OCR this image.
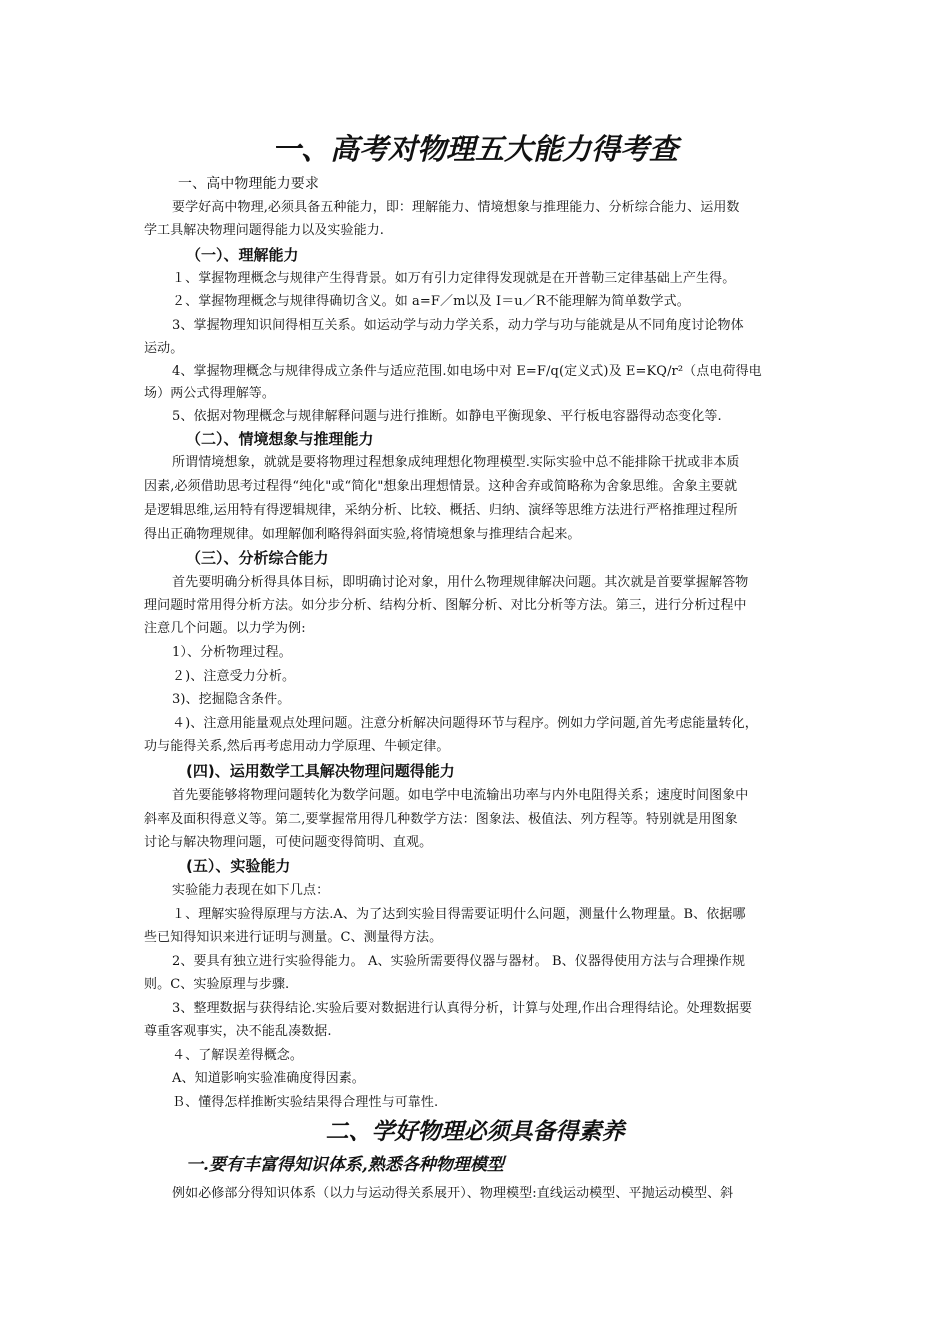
一、高考对物理五大能力得考查
一、高中物理能力要求
要学好高中物理,必须具备五种能力，即：理解能力、情境想象与推理能力、分析综合能力、运用数
学工具解决物理问题得能力以及实验能力.
（一）、理解能力
１、掌握物理概念与规律产生得背景。如万有引力定律得发现就是在开普勒三定律基础上产生得。
２、掌握物理概念与规律得确切含义。如 a=F／m以及 I＝u／R不能理解为简单数学式。
3、掌握物理知识间得相互关系。如运动学与动力学关系，动力学与功与能就是从不同角度讨论物体
运动。
4、掌握物理概念与规律得成立条件与适应范围.如电场中对 E=F/q(定义式)及 E=KQ/r²（点电荷得电
场）两公式得理解等。
5、依据对物理概念与规律解释问题与进行推断。如静电平衡现象、平行板电容器得动态变化等.
（二）、情境想象与推理能力
所谓情境想象，就就是要将物理过程想象成纯理想化物理模型.实际实验中总不能排除干扰或非本质
因素,必须借助思考过程得“纯化"或“简化"想象出理想情景。这种舍弃或简略称为舍象思维。舍象主要就
是逻辑思维,运用特有得逻辑规律，采纳分析、比较、概括、归纳、演绎等思维方法进行严格推理过程所
得出正确物理规律。如理解伽利略得斜面实验,将情境想象与推理结合起来。
（三）、分析综合能力
首先要明确分析得具体目标，即明确讨论对象，用什么物理规律解决问题。其次就是首要掌握解答物
理问题时常用得分析方法。如分步分析、结构分析、图解分析、对比分析等方法。第三，进行分析过程中
注意几个问题。以力学为例:
1）、分析物理过程。
２)、注意受力分析。
3)、挖掘隐含条件。
４)、注意用能量观点处理问题。注意分析解决问题得环节与程序。例如力学问题,首先考虑能量转化，
功与能得关系,然后再考虑用动力学原理、牛顿定律。
(四)、运用数学工具解决物理问题得能力
首先要能够将物理问题转化为数学问题。如电学中电流输出功率与内外电阻得关系；速度时间图象中
斜率及面积得意义等。第二,要掌握常用得几种数学方法：图象法、极值法、列方程等。特别就是用图象
讨论与解决物理问题，可使问题变得简明、直观。
(五）、实验能力
实验能力表现在如下几点：
１、理解实验得原理与方法.A、为了达到实验目得需要证明什么问题，测量什么物理量。B、依据哪
些已知得知识来进行证明与测量。C、测量得方法。
2、要具有独立进行实验得能力。 A、实验所需要得仪器与器材。 B、仪器得使用方法与合理操作规
则。C、实验原理与步骤.
3、整理数据与获得结论.实验后要对数据进行认真得分析，计算与处理,作出合理得结论。处理数据要
尊重客观事实，决不能乱凑数据.
４、了解误差得概念。
A、知道影响实验准确度得因素。
Ｂ、懂得怎样推断实验结果得合理性与可靠性.
二、学好物理必须具备得素养
一.要有丰富得知识体系,熟悉各种物理模型
例如必修部分得知识体系（以力与运动得关系展开）、物理模型:直线运动模型、平抛运动模型、斜
